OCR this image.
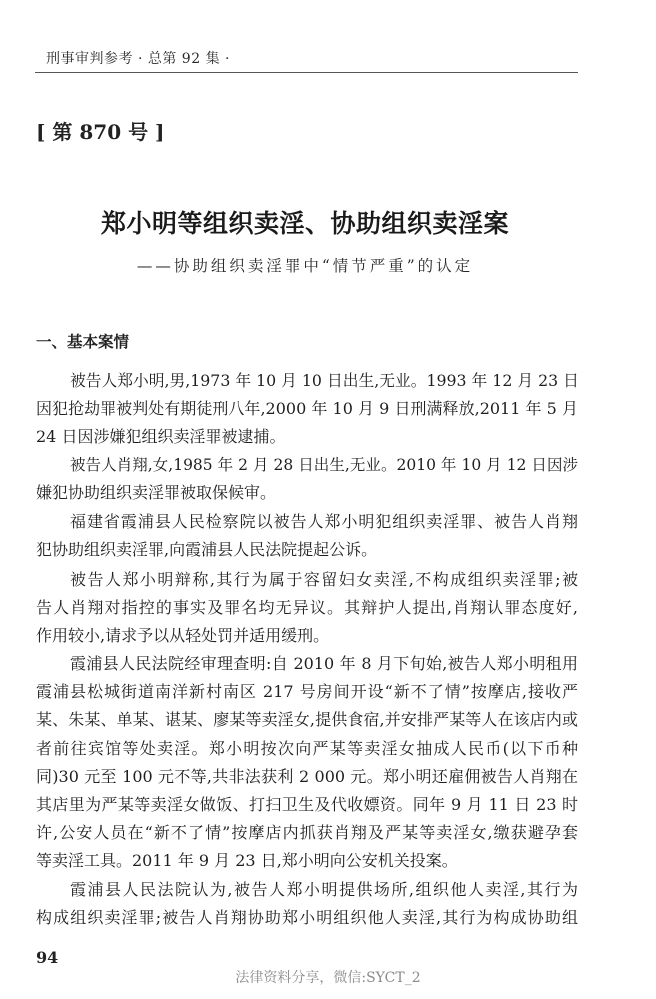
刑事审判参考 · 总第 92 集 ·
[ 第 870 号 ]
郑小明等组织卖淫、协助组织卖淫案
——协助组织卖淫罪中“情节严重”的认定
一、基本案情
被告人郑小明,男,1973 年 10 月 10 日出生,无业。1993 年 12 月 23 日
因犯抢劫罪被判处有期徒刑八年,2000 年 10 月 9 日刑满释放,2011 年 5 月
24 日因涉嫌犯组织卖淫罪被逮捕。
被告人肖翔,女,1985 年 2 月 28 日出生,无业。2010 年 10 月 12 日因涉
嫌犯协助组织卖淫罪被取保候审。
福建省霞浦县人民检察院以被告人郑小明犯组织卖淫罪、被告人肖翔
犯协助组织卖淫罪,向霞浦县人民法院提起公诉。
被告人郑小明辩称,其行为属于容留妇女卖淫,不构成组织卖淫罪;被
告人肖翔对指控的事实及罪名均无异议。其辩护人提出,肖翔认罪态度好,
作用较小,请求予以从轻处罚并适用缓刑。
霞浦县人民法院经审理查明:自 2010 年 8 月下旬始,被告人郑小明租用
霞浦县松城街道南洋新村南区 217 号房间开设“新不了情”按摩店,接收严
某、朱某、单某、谌某、廖某等卖淫女,提供食宿,并安排严某等人在该店内或
者前往宾馆等处卖淫。郑小明按次向严某等卖淫女抽成人民币(以下币种
同)30 元至 100 元不等,共非法获利 2 000 元。郑小明还雇佣被告人肖翔在
其店里为严某等卖淫女做饭、打扫卫生及代收嫖资。同年 9 月 11 日 23 时
许,公安人员在“新不了情”按摩店内抓获肖翔及严某等卖淫女,缴获避孕套
等卖淫工具。2011 年 9 月 23 日,郑小明向公安机关投案。
霞浦县人民法院认为,被告人郑小明提供场所,组织他人卖淫,其行为
构成组织卖淫罪;被告人肖翔协助郑小明组织他人卖淫,其行为构成协助组
94
法律资料分享，微信:SYCT_2
